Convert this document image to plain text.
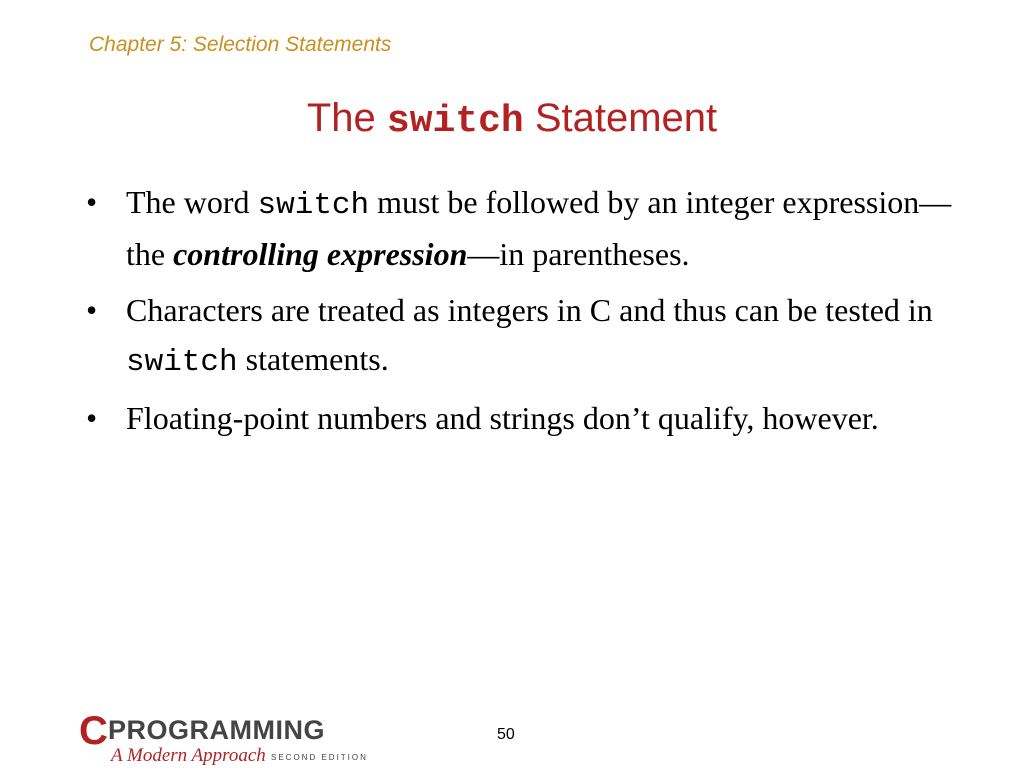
Chapter 5: Selection Statements
The switch Statement
• The word switch must be followed by an integer expression—the controlling expression—in parentheses.
• Characters are treated as integers in C and thus can be tested in switch statements.
• Floating-point numbers and strings don’t qualify, however.
C PROGRAMMING
A Modern Approach SECOND EDITION
50
